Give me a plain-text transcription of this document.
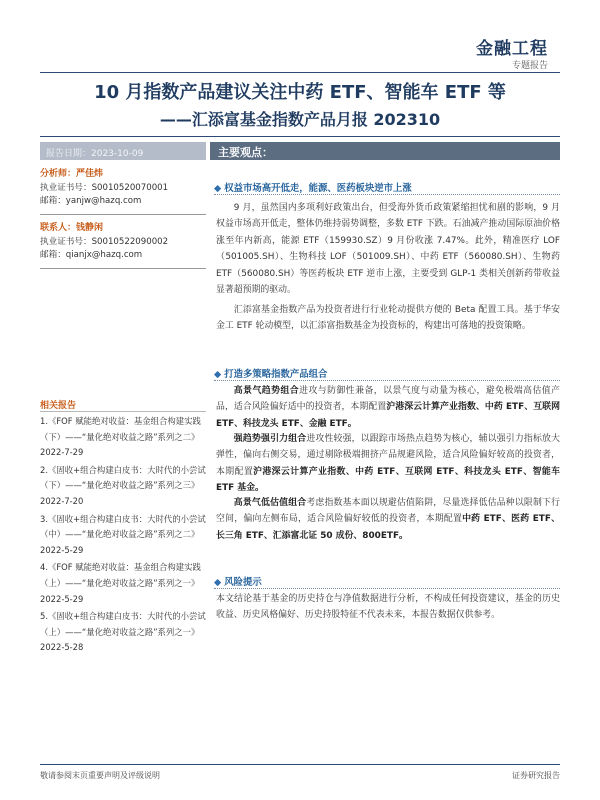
金融工程
专题报告
10 月指数产品建议关注中药 ETF、智能车 ETF 等
——汇添富基金指数产品月报 202310
报告日期：2023-10-09	主要观点：
分析师：严佳炜
执业证书号：S0010520070001
邮箱：yanjw@hazq.com
联系人：钱静闲
执业证书号：S0010522090002
邮箱：qianjx@hazq.com
相关报告
1.《FOF 赋能绝对收益：基金组合构建实践（下）——“量化绝对收益之路”系列之二》2022-7-29
2.《固收+组合构建白皮书：大时代的小尝试（下）——“量化绝对收益之路”系列之三》2022-7-20
3.《固收+组合构建白皮书：大时代的小尝试（中）——“量化绝对收益之路”系列之二》2022-5-29
4.《FOF 赋能绝对收益：基金组合构建实践（上）——“量化绝对收益之路”系列之一》2022-5-29
5.《固收+组合构建白皮书：大时代的小尝试（上）——“量化绝对收益之路”系列之一》2022-5-28
◆ 权益市场高开低走，能源、医药板块逆市上涨
9 月，虽然国内多项利好政策出台，但受海外货币政策紧缩担忧和剧的影响，9 月权益市场高开低走，整体仍维持弱势调整，多数 ETF 下跌。石油减产推动国际原油价格涨至年内新高，能源 ETF（159930.SZ）9 月份收涨 7.47%。此外，精准医疗 LOF（501005.SH）、生物科技 LOF（501009.SH）、中药 ETF（560080.SH）、生物药 ETF（560080.SH）等医药板块 ETF 逆市上涨，主要受到 GLP-1 类相关创新药带收益显著超预期的驱动。
汇添富基金指数产品为投资者进行行业轮动提供方便的 Beta 配置工具。基于华安金工 ETF 轮动模型，以汇添富指数基金为投资标的，构建出可落地的投资策略。
◆ 打造多策略指数产品组合
高景气趋势组合进攻与防御性兼备，以景气度与动量为核心，避免极端高估值产品，适合风险偏好适中的投资者，本期配置沪港深云计算产业指数、中药 ETF、互联网 ETF、科技龙头 ETF、金融 ETF。
强趋势强引力组合进攻性较强，以跟踪市场热点趋势为核心，辅以强引力指标放大弹性，偏向右侧交易，通过剔除极端拥挤产品规避风险，适合风险偏好较高的投资者，本期配置沪港深云计算产业指数、中药 ETF、互联网 ETF、科技龙头 ETF、智能车 ETF 基金。
高景气低估值组合考虑指数基本面以规避估值陷阱，尽量选择低估品种以限制下行空间，偏向左侧布局，适合风险偏好较低的投资者，本期配置中药 ETF、医药 ETF、长三角 ETF、汇添富北证 50 成份、800ETF。
◆ 风险提示
本文结论基于基金的历史持仓与净值数据进行分析，不构成任何投资建议，基金的历史收益、历史风格偏好、历史持股特征不代表未来，本报告数据仅供参考。
敬请参阅末页重要声明及评级说明	证券研究报告
